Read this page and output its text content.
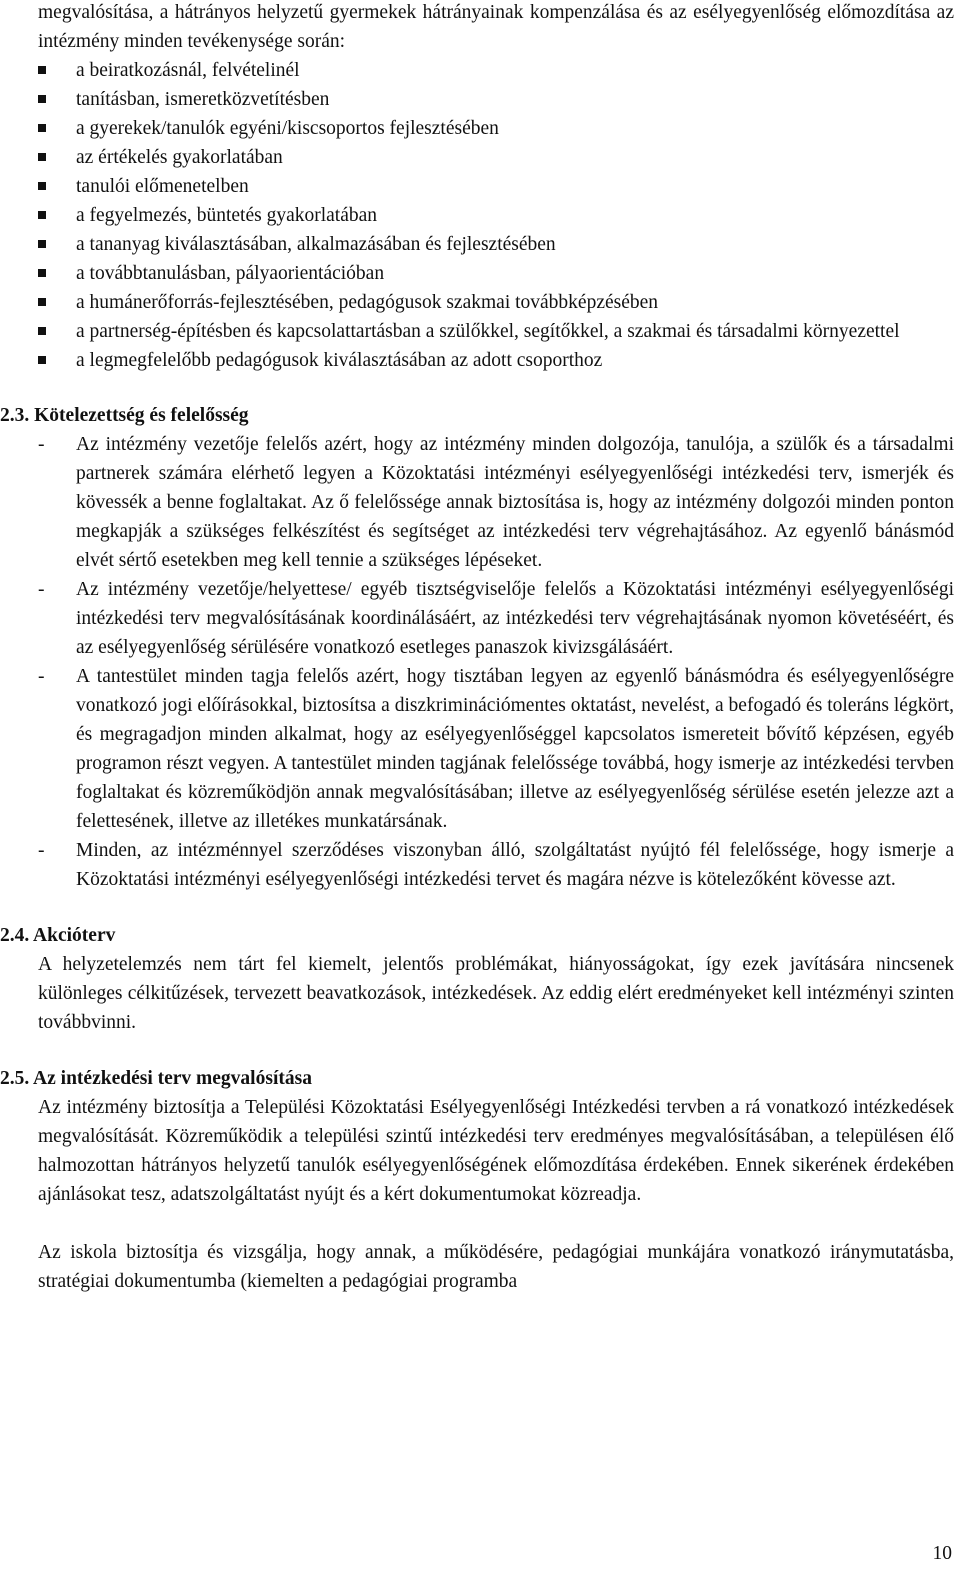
megvalósítása, a hátrányos helyzetű gyermekek hátrányainak kompenzálása és az esélyegyenlőség előmozdítása az intézmény minden tevékenysége során:

a beiratkozásnál, felvételinél
tanításban, ismeretközvetítésben
a gyerekek/tanulók egyéni/kiscsoportos fejlesztésében
az értékelés gyakorlatában
tanulói előmenetelben
a fegyelmezés, büntetés gyakorlatában
a tananyag kiválasztásában, alkalmazásában és fejlesztésében
a továbbtanulásban, pályaorientációban
a humánerőforrás-fejlesztésében, pedagógusok szakmai továbbképzésében
a partnerség-építésben és kapcsolattartásban a szülőkkel, segítőkkel, a szakmai és társadalmi környezettel
a legmegfelelőbb pedagógusok kiválasztásában az adott csoporthoz

2.3. Kötelezettség és felelősség

- Az intézmény vezetője felelős azért, hogy az intézmény minden dolgozója, tanulója, a szülők és a társadalmi partnerek számára elérhető legyen a Közoktatási intézményi esélyegyenlőségi intézkedési terv, ismerjék és kövessék a benne foglaltakat. Az ő felelőssége annak biztosítása is, hogy az intézmény dolgozói minden ponton megkapják a szükséges felkészítést és segítséget az intézkedési terv végrehajtásához. Az egyenlő bánásmód elvét sértő esetekben meg kell tennie a szükséges lépéseket.
- Az intézmény vezetője/helyettese/ egyéb tisztségviselője felelős a Közoktatási intézményi esélyegyenlőségi intézkedési terv megvalósításának koordinálásáért, az intézkedési terv végrehajtásának nyomon követéséért, és az esélyegyenlőség sérülésére vonatkozó esetleges panaszok kivizsgálásáért.
- A tantestület minden tagja felelős azért, hogy tisztában legyen az egyenlő bánásmódra és esélyegyenlőségre vonatkozó jogi előírásokkal, biztosítsa a diszkriminációmentes oktatást, nevelést, a befogadó és toleráns légkört, és megragadjon minden alkalmat, hogy az esélyegyenlőséggel kapcsolatos ismereteit bővítő képzésen, egyéb programon részt vegyen. A tantestület minden tagjának felelőssége továbbá, hogy ismerje az intézkedési tervben foglaltakat és közreműködjön annak megvalósításában; illetve az esélyegyenlőség sérülése esetén jelezze azt a felettesének, illetve az illetékes munkatársának.
- Minden, az intézménnyel szerződéses viszonyban álló, szolgáltatást nyújtó fél felelőssége, hogy ismerje a Közoktatási intézményi esélyegyenlőségi intézkedési tervet és magára nézve is kötelezőként kövesse azt.

2.4. Akcióterv

A helyzetelemzés nem tárt fel kiemelt, jelentős problémákat, hiányosságokat, így ezek javítására nincsenek különleges célkitűzések, tervezett beavatkozások, intézkedések. Az eddig elért eredményeket kell intézményi szinten továbbvinni.

2.5. Az intézkedési terv megvalósítása

Az intézmény biztosítja a Települési Közoktatási Esélyegyenlőségi Intézkedési tervben a rá vonatkozó intézkedések megvalósítását. Közreműködik a települési szintű intézkedési terv eredményes megvalósításában, a településen élő halmozottan hátrányos helyzetű tanulók esélyegyenlőségének előmozdítása érdekében. Ennek sikerének érdekében ajánlásokat tesz, adatszolgáltatást nyújt és a kért dokumentumokat közreadja.

Az iskola biztosítja és vizsgálja, hogy annak, a működésére, pedagógiai munkájára vonatkozó iránymutatásba, stratégiai dokumentumba (kiemelten a pedagógiai programba

10
